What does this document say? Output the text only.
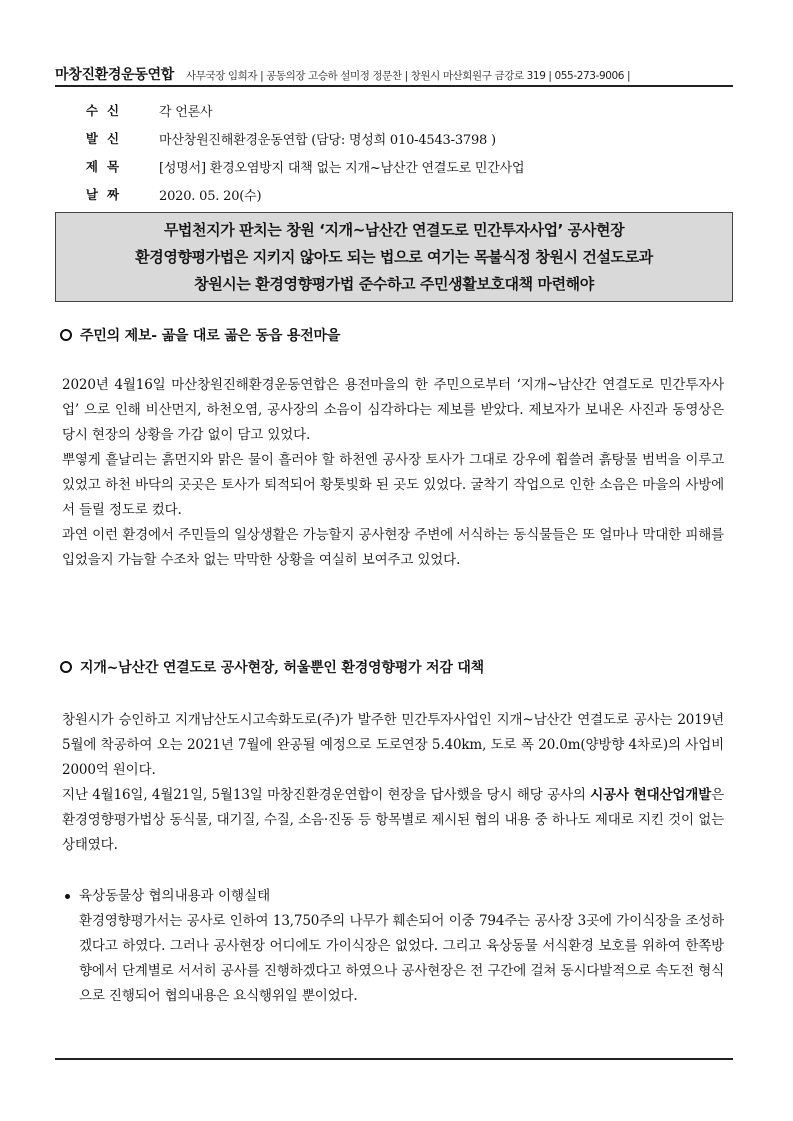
마창진환경운동연합 사무국장 임희자 | 공동의장 고승하 설미정 정문찬 | 창원시 마산회원구 금강로 319 | 055-273-9006 |
수신	각 언론사
발신	마산창원진해환경운동연합 (담당: 명성희 010-4543-3798 )
제목	[성명서] 환경오염방지 대책 없는 지개~남산간 연결도로 민간사업
날짜	2020. 05. 20(수)
무법천지가 판치는 창원 ‘지개~남산간 연결도로 민간투자사업’ 공사현장
환경영향평가법은 지키지 않아도 되는 법으로 여기는 목불식정 창원시 건설도로과
창원시는 환경영향평가법 준수하고 주민생활보호대책 마련해야
주민의 제보- 곪을 대로 곪은 동읍 용전마을

2020년 4월16일 마산창원진해환경운동연합은 용전마을의 한 주민으로부터 ‘지개~남산간 연결도로 민간투자사업’ 으로 인해 비산먼지, 하천오염, 공사장의 소음이 심각하다는 제보를 받았다. 제보자가 보내온 사진과 동영상은 당시 현장의 상황을 가감 없이 담고 있었다.

뿌옇게 흩날리는 흙먼지와 맑은 물이 흘러야 할 하천엔 공사장 토사가 그대로 강우에 휩쓸려 흙탕물 범벅을 이루고 있었고 하천 바닥의 곳곳은 토사가 퇴적되어 황톳빛화 된 곳도 있었다. 굴착기 작업으로 인한 소음은 마을의 사방에서 들릴 정도로 컸다.

과연 이런 환경에서 주민들의 일상생활은 가능할지 공사현장 주변에 서식하는 동식물들은 또 얼마나 막대한 피해를 입었을지 가늠할 수조차 없는 막막한 상황을 여실히 보여주고 있었다.

지개~남산간 연결도로 공사현장, 허울뿐인 환경영향평가 저감 대책

창원시가 승인하고 지개남산도시고속화도로(주)가 발주한 민간투자사업인 지개~남산간 연결도로 공사는 2019년 5월에 착공하여 오는 2021년 7월에 완공될 예정으로 도로연장 5.40km, 도로 폭 20.0m(양방향 4차로)의 사업비 2000억 원이다.

지난 4월16일, 4월21일, 5월13일 마창진환경운연합이 현장을 답사했을 당시 해당 공사의 시공사 현대산업개발은 환경영향평가법상 동식물, 대기질, 수질, 소음·진동 등 항목별로 제시된 협의 내용 중 하나도 제대로 지킨 것이 없는 상태였다.

육상동물상 협의내용과 이행실태
환경영향평가서는 공사로 인하여 13,750주의 나무가 훼손되어 이중 794주는 공사장 3곳에 가이식장을 조성하겠다고 하였다. 그러나 공사현장 어디에도 가이식장은 없었다. 그리고 육상동물 서식환경 보호를 위하여 한쪽방향에서 단계별로 서서히 공사를 진행하겠다고 하였으나 공사현장은 전 구간에 걸쳐 동시다발적으로 속도전 형식으로 진행되어 협의내용은 요식행위일 뿐이었다.
